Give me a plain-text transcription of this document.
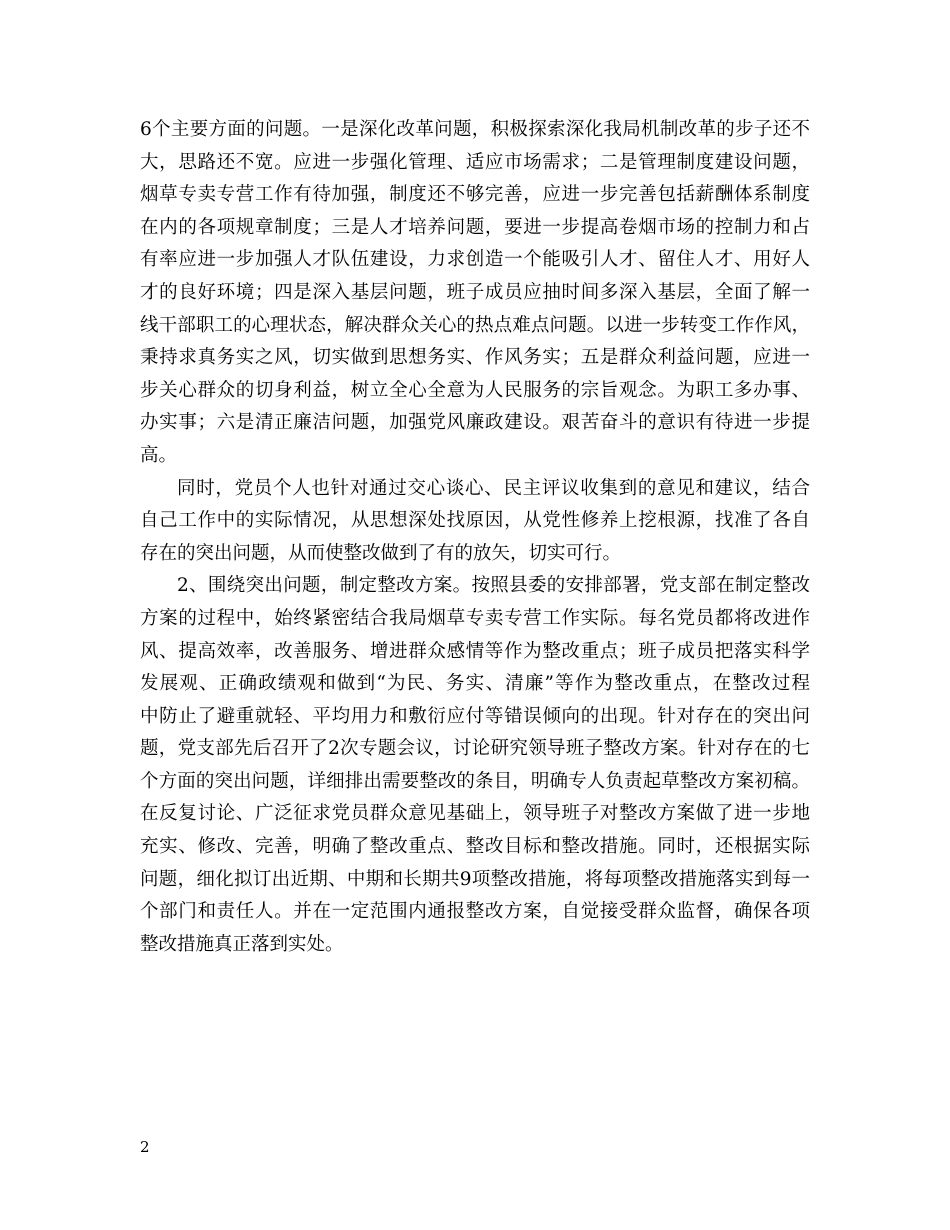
6个主要方面的问题。一是深化改革问题，积极探索深化我局机制改革的步子还不
大，思路还不宽。应进一步强化管理、适应市场需求；二是管理制度建设问题，
烟草专卖专营工作有待加强，制度还不够完善，应进一步完善包括薪酬体系制度
在内的各项规章制度；三是人才培养问题，要进一步提高卷烟市场的控制力和占
有率应进一步加强人才队伍建设，力求创造一个能吸引人才、留住人才、用好人
才的良好环境；四是深入基层问题，班子成员应抽时间多深入基层，全面了解一
线干部职工的心理状态，解决群众关心的热点难点问题。以进一步转变工作作风，
秉持求真务实之风，切实做到思想务实、作风务实；五是群众利益问题，应进一
步关心群众的切身利益，树立全心全意为人民服务的宗旨观念。为职工多办事、
办实事；六是清正廉洁问题，加强党风廉政建设。艰苦奋斗的意识有待进一步提
高。
同时，党员个人也针对通过交心谈心、民主评议收集到的意见和建议，结合
自己工作中的实际情况，从思想深处找原因，从党性修养上挖根源，找准了各自
存在的突出问题，从而使整改做到了有的放矢，切实可行。
2、围绕突出问题，制定整改方案。按照县委的安排部署，党支部在制定整改
方案的过程中，始终紧密结合我局烟草专卖专营工作实际。每名党员都将改进作
风、提高效率，改善服务、增进群众感情等作为整改重点；班子成员把落实科学
发展观、正确政绩观和做到“为民、务实、清廉”等作为整改重点，在整改过程
中防止了避重就轻、平均用力和敷衍应付等错误倾向的出现。针对存在的突出问
题，党支部先后召开了2次专题会议，讨论研究领导班子整改方案。针对存在的七
个方面的突出问题，详细排出需要整改的条目，明确专人负责起草整改方案初稿。
在反复讨论、广泛征求党员群众意见基础上，领导班子对整改方案做了进一步地
充实、修改、完善，明确了整改重点、整改目标和整改措施。同时，还根据实际
问题，细化拟订出近期、中期和长期共9项整改措施，将每项整改措施落实到每一
个部门和责任人。并在一定范围内通报整改方案，自觉接受群众监督，确保各项
整改措施真正落到实处。
2
